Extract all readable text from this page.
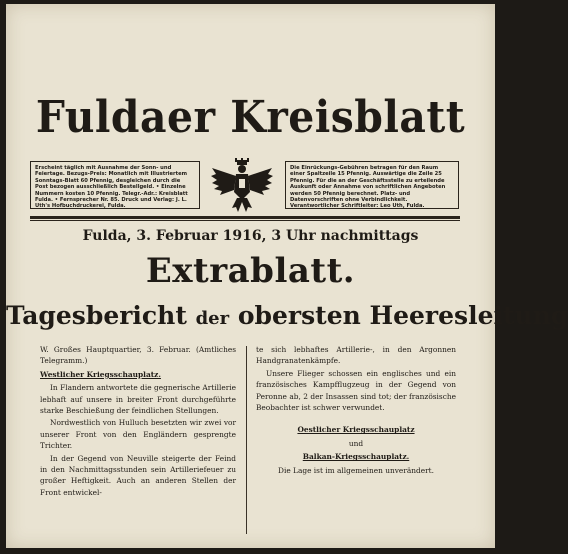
Fuldaer Kreisblatt
Erscheint täglich mit Ausnahme der Sonn- und Feiertage. Bezugs-Preis: Monatlich mit Illustriertem Sonntags-Blatt 60 Pfennig, desgleichen durch die Post bezogen ausschließlich Bestellgeld. • Einzelne Nummern kosten 10 Pfennig. Telegr.-Adr.: Kreisblatt Fulda. • Fernsprecher Nr. 85. Druck und Verlag: J. L. Uth's Hofbuchdruckerei, Fulda.
Die Einrückungs-Gebühren betragen für den Raum einer Spaltzeile 15 Pfennig. Auswärtige die Zeile 25 Pfennig. Für die an der Geschäftsstelle zu erteilende Auskunft oder Annahme von schriftlichen Angeboten werden 50 Pfennig berechnet. Platz- und Datenvorschriften ohne Verbindlichkeit. Verantwortlicher Schriftleiter: Leo Uth, Fulda.
Fulda, 3. Februar 1916, 3 Uhr nachmittags
Extrablatt.
Tagesbericht der obersten Heeresleitung

W. Großes Hauptquartier, 3. Februar. (Amtliches Telegramm.)

Westlicher Kriegsschauplatz.

In Flandern antwortete die gegnerische Artillerie lebhaft auf unsere in breiter Front durchgeführte starke Beschießung der feindlichen Stellungen.

Nordwestlich von Hulluch besetzten wir zwei vor unserer Front von den Engländern gesprengte Trichter.

In der Gegend von Neuville steigerte der Feind in den Nachmittagsstunden sein Artilleriefeuer zu großer Heftigkeit. Auch an anderen Stellen der Front entwickel-

te sich lebhaftes Artillerie-, in den Argonnen Handgranatenkämpfe.

Unsere Flieger schossen ein englisches und ein französisches Kampfflugzeug in der Gegend von Peronne ab, 2 der Insassen sind tot; der französische Beobachter ist schwer verwundet.

Oestlicher Kriegsschauplatz
und
Balkan-Kriegsschauplatz.

Die Lage ist im allgemeinen unverändert.
